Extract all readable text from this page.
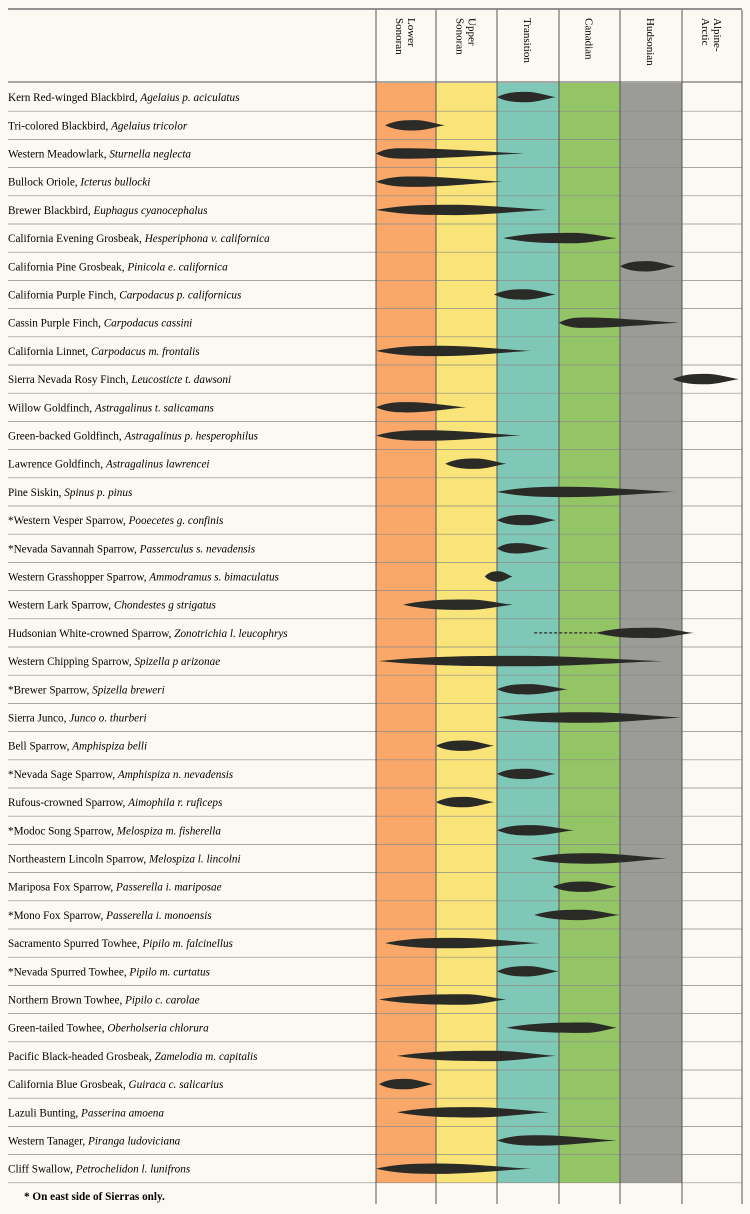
LowerSonoran	UpperSonoran	Transition	Canadian	Hudsonian	Alpine-Arctic
Kern Red-winged Blackbird, Agelaius p. aciculatus
Tri-colored Blackbird, Agelaius tricolor
Western Meadowlark, Sturnella neglecta
Bullock Oriole, Icterus bullocki
Brewer Blackbird, Euphagus cyanocephalus
California Evening Grosbeak, Hesperiphona v. californica
California Pine Grosbeak, Pinicola e. californica
California Purple Finch, Carpodacus p. californicus
Cassin Purple Finch, Carpodacus cassini
California Linnet, Carpodacus m. frontalis
Sierra Nevada Rosy Finch, Leucosticte t. dawsoni
Willow Goldfinch, Astragalinus t. salicamans
Green-backed Goldfinch, Astragalinus p. hesperophilus
Lawrence Goldfinch, Astragalinus lawrencei
Pine Siskin, Spinus p. pinus
*Western Vesper Sparrow, Pooecetes g. confinis
*Nevada Savannah Sparrow, Passerculus s. nevadensis
Western Grasshopper Sparrow, Ammodramus s. bimaculatus
Western Lark Sparrow, Chondestes g strigatus
Hudsonian White-crowned Sparrow, Zonotrichia l. leucophrys
Western Chipping Sparrow, Spizella p arizonae
*Brewer Sparrow, Spizella breweri
Sierra Junco, Junco o. thurberi
Bell Sparrow, Amphispiza belli
*Nevada Sage Sparrow, Amphispiza n. nevadensis
Rufous-crowned Sparrow, Aimophila r. ruficeps
*Modoc Song Sparrow, Melospiza m. fisherella
Northeastern Lincoln Sparrow, Melospiza l. lincolni
Mariposa Fox Sparrow, Passerella i. mariposae
*Mono Fox Sparrow, Passerella i. monoensis
Sacramento Spurred Towhee, Pipilo m. falcinellus
*Nevada Spurred Towhee, Pipilo m. curtatus
Northern Brown Towhee, Pipilo c. carolae
Green-tailed Towhee, Oberholseria chlorura
Pacific Black-headed Grosbeak, Zamelodia m. capitalis
California Blue Grosbeak, Guiraca c. salicarius
Lazuli Bunting, Passerina amoena
Western Tanager, Piranga ludoviciana
Cliff Swallow, Petrochelidon l. lunifrons
* On east side of Sierras only.
